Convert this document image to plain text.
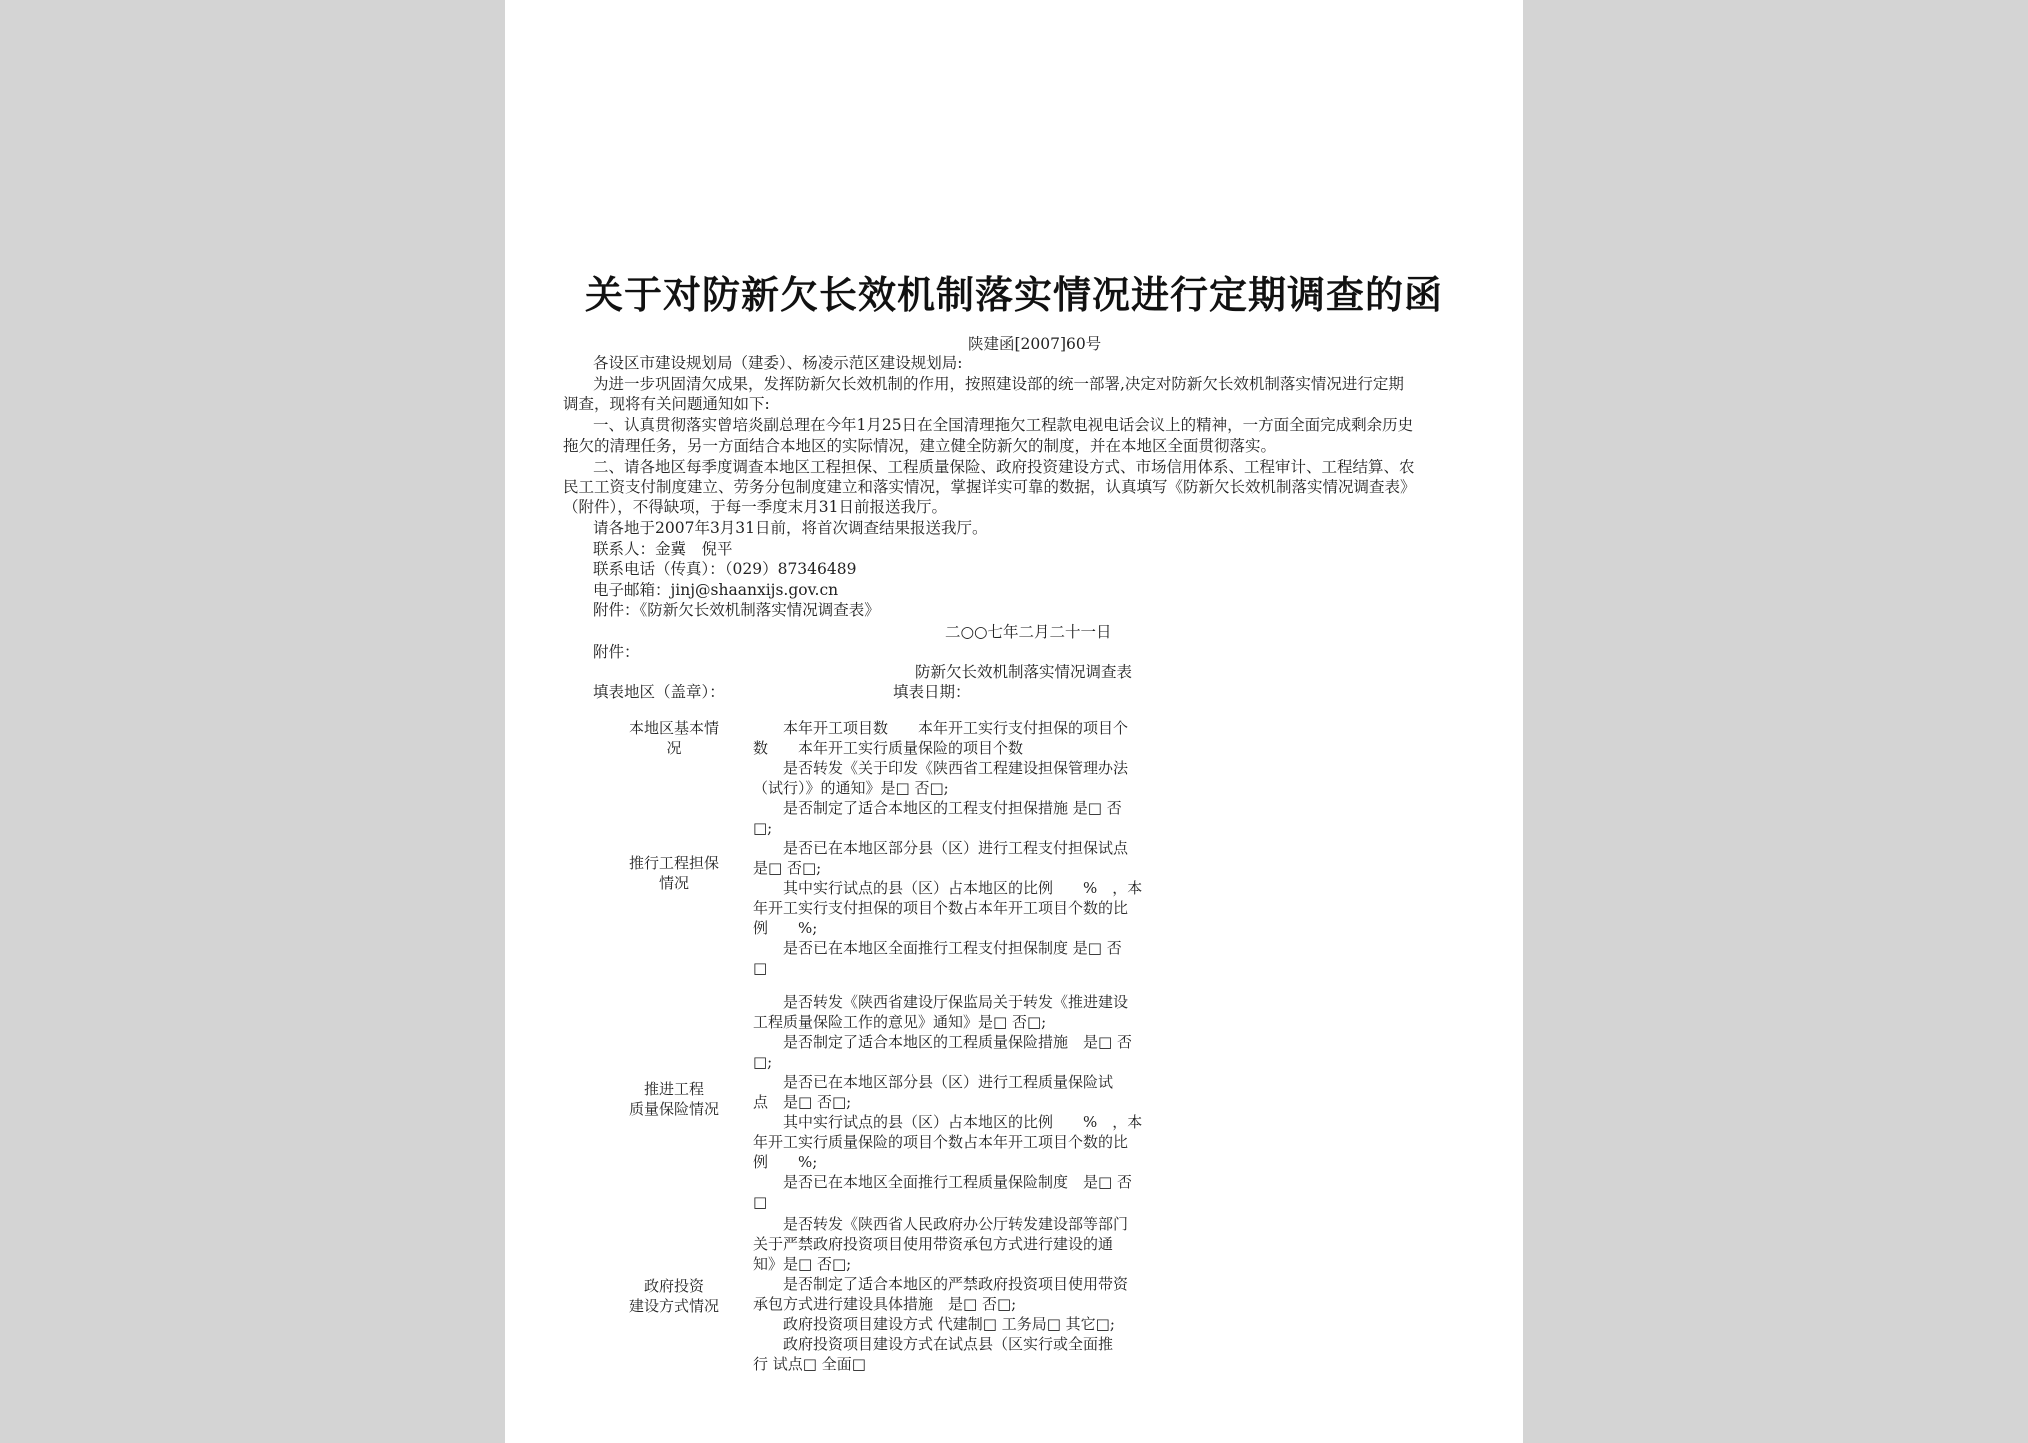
关于对防新欠长效机制落实情况进行定期调查的函
陕建函[2007]60号
各设区市建设规划局（建委）、杨凌示范区建设规划局:
为进一步巩固清欠成果，发挥防新欠长效机制的作用，按照建设部的统一部署,决定对防新欠长效机制落实情况进行定期
调查，现将有关问题通知如下:
一、认真贯彻落实曾培炎副总理在今年1月25日在全国清理拖欠工程款电视电话会议上的精神，一方面全面完成剩余历史
拖欠的清理任务，另一方面结合本地区的实际情况，建立健全防新欠的制度，并在本地区全面贯彻落实。
二、请各地区每季度调查本地区工程担保、工程质量保险、政府投资建设方式、市场信用体系、工程审计、工程结算、农
民工工资支付制度建立、劳务分包制度建立和落实情况，掌握详实可靠的数据，认真填写《防新欠长效机制落实情况调查表》
（附件），不得缺项，于每一季度末月31日前报送我厅。
请各地于2007年3月31日前，将首次调查结果报送我厅。
联系人：金冀　倪平
联系电话（传真）：（029）87346489
电子邮箱：jinj@shaanxijs.gov.cn
附件：《防新欠长效机制落实情况调查表》
二○○七年二月二十一日
附件：
防新欠长效机制落实情况调查表
填表地区（盖章）：	填表日期：
本地区基本情
况
　　本年开工项目数　　本年开工实行支付担保的项目个
数　　本年开工实行质量保险的项目个数
推行工程担保
情况
　　是否转发《关于印发《陕西省工程建设担保管理办法
（试行）》的通知》是□ 否□;
　　是否制定了适合本地区的工程支付担保措施 是□ 否
□;
　　是否已在本地区部分县（区）进行工程支付担保试点
是□ 否□;
　　其中实行试点的县（区）占本地区的比例　　%　，本
年开工实行支付担保的项目个数占本年开工项目个数的比
例　　%;
　　是否已在本地区全面推行工程支付担保制度 是□ 否
□
推进工程
质量保险情况
　　是否转发《陕西省建设厅保监局关于转发《推进建设
工程质量保险工作的意见》通知》是□ 否□;
　　是否制定了适合本地区的工程质量保险措施　是□ 否
□;
　　是否已在本地区部分县（区）进行工程质量保险试
点　是□ 否□;
　　其中实行试点的县（区）占本地区的比例　　%　，本
年开工实行质量保险的项目个数占本年开工项目个数的比
例　　%;
　　是否已在本地区全面推行工程质量保险制度　是□ 否
□
政府投资
建设方式情况
　　是否转发《陕西省人民政府办公厅转发建设部等部门
关于严禁政府投资项目使用带资承包方式进行建设的通
知》是□ 否□;
　　是否制定了适合本地区的严禁政府投资项目使用带资
承包方式进行建设具体措施　是□ 否□;
　　政府投资项目建设方式 代建制□ 工务局□ 其它□;
　　政府投资项目建设方式在试点县（区实行或全面推
行 试点□ 全面□
